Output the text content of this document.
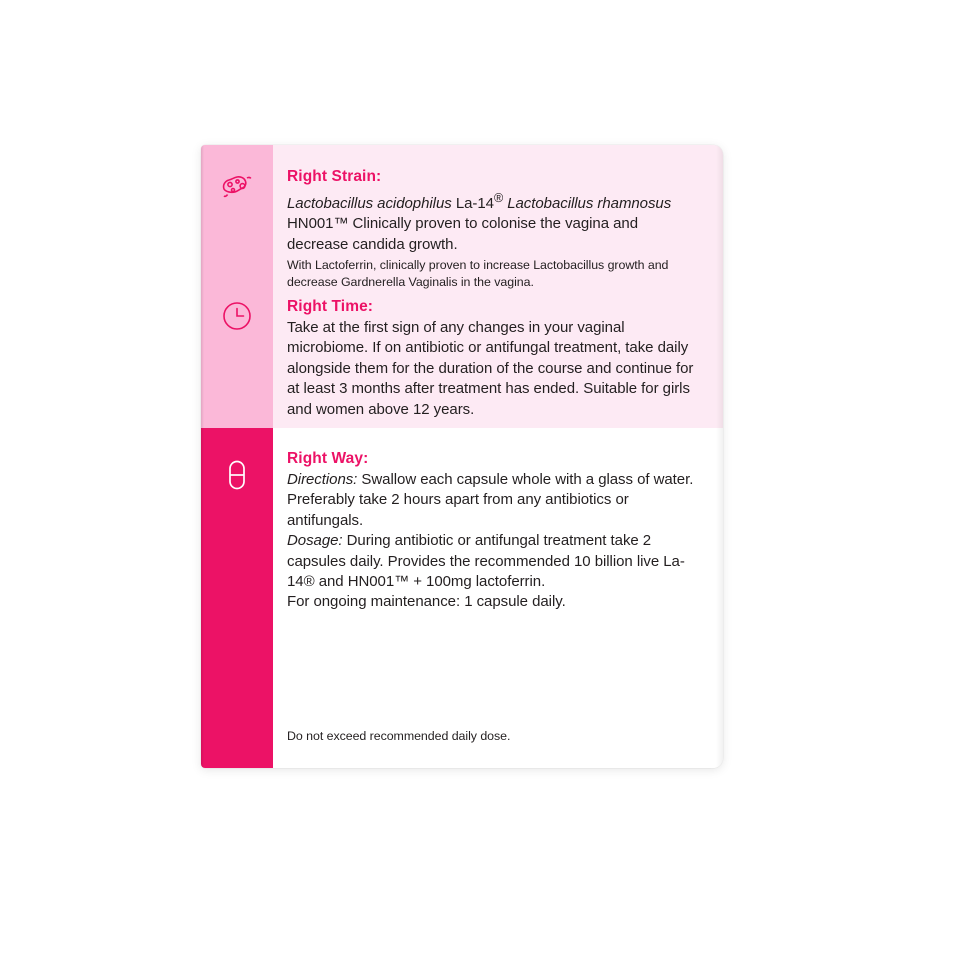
Right Strain:

Lactobacillus acidophilus La-14® Lactobacillus rhamnosus HN001™ Clinically proven to colonise the vagina and decrease candida growth.

With Lactoferrin, clinically proven to increase Lactobacillus growth and decrease Gardnerella Vaginalis in the vagina.

Right Time:

Take at the first sign of any changes in your vaginal microbiome. If on antibiotic or antifungal treatment, take daily alongside them for the duration of the course and continue for at least 3 months after treatment has ended. Suitable for girls and women above 12 years.

Right Way:

Directions: Swallow each capsule whole with a glass of water. Preferably take 2 hours apart from any antibiotics or antifungals.

Dosage: During antibiotic or antifungal treatment take 2 capsules daily. Provides the recommended 10 billion live La-14® and HN001™ + 100mg lactoferrin.

For ongoing maintenance: 1 capsule daily.

Do not exceed recommended daily dose.
